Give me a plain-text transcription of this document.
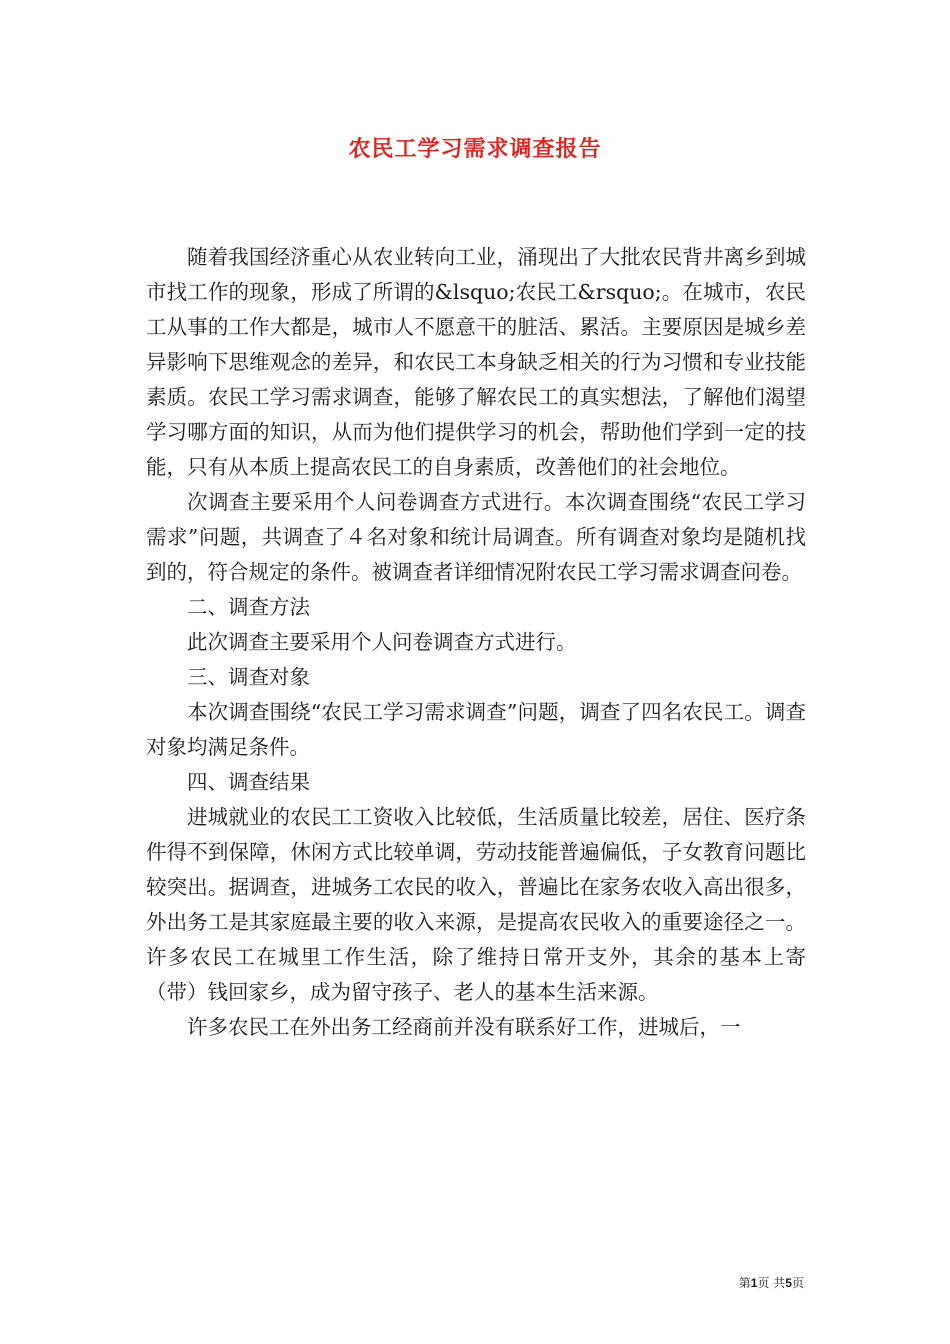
农民工学习需求调查报告

随着我国经济重心从农业转向工业，涌现出了大批农民背井离乡到城市找工作的现象，形成了所谓的&lsquo;农民工&rsquo;。在城市，农民工从事的工作大都是，城市人不愿意干的脏活、累活。主要原因是城乡差异影响下思维观念的差异，和农民工本身缺乏相关的行为习惯和专业技能素质。农民工学习需求调查，能够了解农民工的真实想法，了解他们渴望学习哪方面的知识，从而为他们提供学习的机会，帮助他们学到一定的技能，只有从本质上提高农民工的自身素质，改善他们的社会地位。

次调查主要采用个人问卷调查方式进行。本次调查围绕“农民工学习需求”问题，共调查了４名对象和统计局调查。所有调查对象均是随机找到的，符合规定的条件。被调查者详细情况附农民工学习需求调查问卷。

二、调查方法

此次调查主要采用个人问卷调查方式进行。

三、调查对象

本次调查围绕“农民工学习需求调查”问题，调查了四名农民工。调查对象均满足条件。

四、调查结果

进城就业的农民工工资收入比较低，生活质量比较差，居住、医疗条件得不到保障，休闲方式比较单调，劳动技能普遍偏低，子女教育问题比较突出。据调查，进城务工农民的收入，普遍比在家务农收入高出很多，外出务工是其家庭最主要的收入来源，是提高农民收入的重要途径之一。许多农民工在城里工作生活，除了维持日常开支外，其余的基本上寄（带）钱回家乡，成为留守孩子、老人的基本生活来源。

许多农民工在外出务工经商前并没有联系好工作，进城后，一

第1页 共5页
